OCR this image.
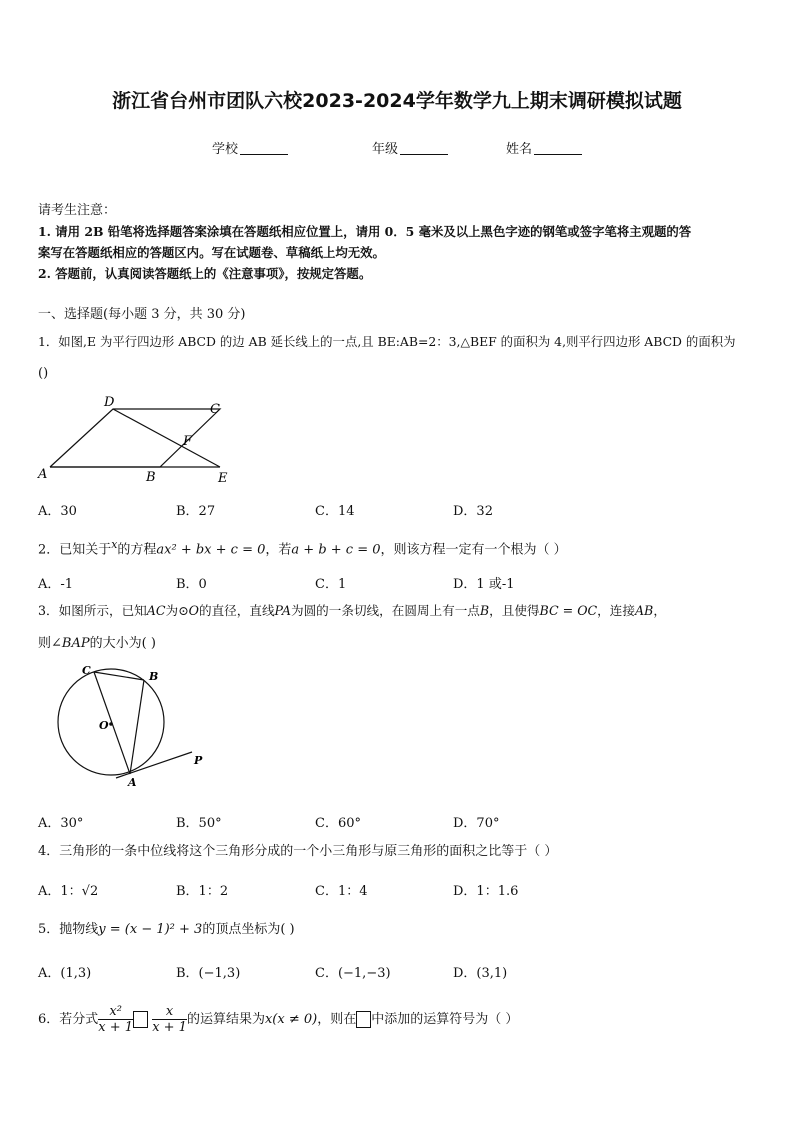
浙江省台州市团队六校2023-2024学年数学九上期末调研模拟试题
学校	年级	姓名
请考生注意：
1. 请用 2B 铅笔将选择题答案涂填在答题纸相应位置上，请用 0．5 毫米及以上黑色字迹的钢笔或签字笔将主观题的答
案写在答题纸相应的答题区内。写在试题卷、草稿纸上均无效。
2. 答题前，认真阅读答题纸上的《注意事项》，按规定答题。
一、选择题(每小题 3 分，共 30 分)
1．如图,E 为平行四边形 ABCD 的边 AB 延长线上的一点,且 BE:AB=2：3,△BEF 的面积为 4,则平行四边形 ABCD 的面积为
()
D	C
F
A	B	E
A．30	B．27	C．14	D．32
2．已知关于$^x$的方程ax² + bx + c = 0，若a + b + c = 0，则该方程一定有一个根为（ ）
A．-1	B．0	C．1	D．1 或-1
3．如图所示，已知AC为⊙O的直径，直线PA为圆的一条切线，在圆周上有一点B，且使得BC = OC，连接AB，
则∠BAP的大小为( )
C	B
O
A
P
A．30°	B．50°	C．60°	D．70°
4．三角形的一条中位线将这个三角形分成的一个小三角形与原三角形的面积之比等于（ ）
A．1：√2	B．1：2	C．1：4	D．1：1.6
5．抛物线y = (x − 1)² + 3的顶点坐标为( )
A．(1,3)	B．(−1,3)	C．(−1,−3)	D．(3,1)
6．若分式 $\frac{\text{x²}}{x + 1}$
$\frac{x}{x + 1}$ 的运算结果为x(x ≠ 0)，则在 中添加的运算符号为（ ）
